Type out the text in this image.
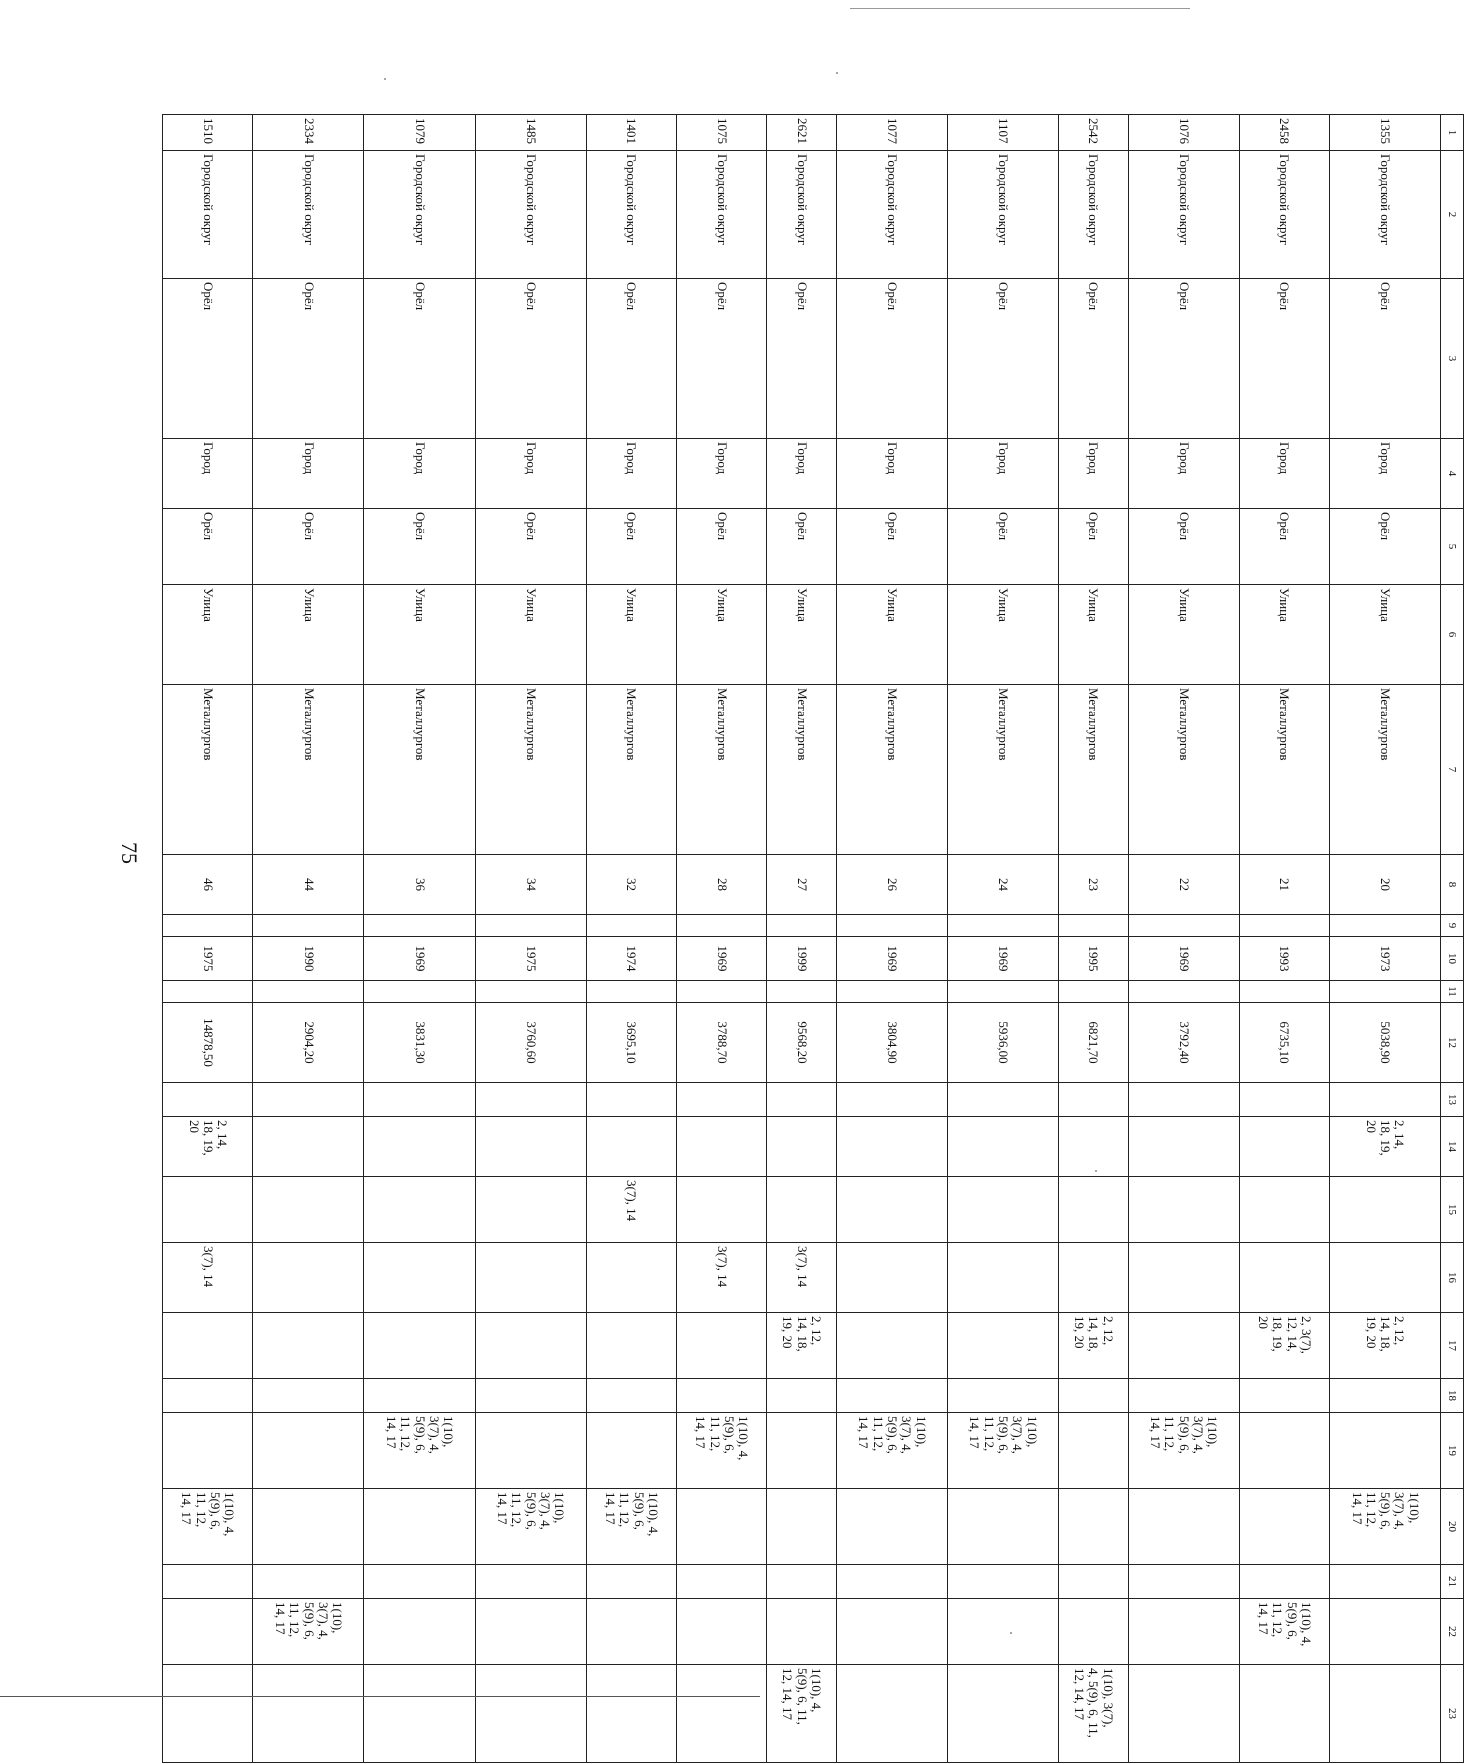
75
1	2	3	4	5	6	7	8	9	10	11	12	13	14	15	16	17	18	19	20	21	22	23
1355	Городской округ	Орёл	Город	Орёл	Улица	Металлургов	20		1973		5038,90		2, 14,
18, 19,
20			2, 12,
14, 18,
19, 20			1(10),
3(7), 4,
5(9), 6,
11, 12,
14, 17			
2458	Городской округ	Орёл	Город	Орёл	Улица	Металлургов	21		1993		6735,10					2, 3(7),
12, 14,
18, 19,
20					1(10), 4,
5(9), 6,
11, 12,
14, 17	
1076	Городской округ	Орёл	Город	Орёл	Улица	Металлургов	22		1969		3792,40							1(10),
3(7), 4,
5(9), 6,
11, 12,
14, 17				
2542	Городской округ	Орёл	Город	Орёл	Улица	Металлургов	23		1995		6821,70					2, 12,
14, 18,
19, 20						1(10), 3(7),
4, 5(9), 6, 11,
12, 14, 17
1107	Городской округ	Орёл	Город	Орёл	Улица	Металлургов	24		1969		5936,00							1(10),
3(7), 4,
5(9), 6,
11, 12,
14, 17				
1077	Городской округ	Орёл	Город	Орёл	Улица	Металлургов	26		1969		3804,90							1(10),
3(7), 4,
5(9), 6,
11, 12,
14, 17				
2621	Городской округ	Орёл	Город	Орёл	Улица	Металлургов	27		1999		9568,20				3(7), 14	2, 12,
14, 18,
19, 20						1(10), 4,
5(9), 6, 11,
12, 14, 17
1075	Городской округ	Орёл	Город	Орёл	Улица	Металлургов	28		1969		3788,70				3(7), 14			1(10), 4,
5(9), 6,
11, 12,
14, 17				
1401	Городской округ	Орёл	Город	Орёл	Улица	Металлургов	32		1974		3695,10			3(7), 14					1(10), 4,
5(9), 6,
11, 12,
14, 17			
1485	Городской округ	Орёл	Город	Орёл	Улица	Металлургов	34		1975		3760,60								1(10),
3(7), 4,
5(9), 6,
11, 12,
14, 17			
1079	Городской округ	Орёл	Город	Орёл	Улица	Металлургов	36		1969		3831,30							1(10),
3(7), 4,
5(9), 6,
11, 12,
14, 17				
2334	Городской округ	Орёл	Город	Орёл	Улица	Металлургов	44		1990		2904,20										1(10),
3(7), 4,
5(9), 6,
11, 12,
14, 17	
1510	Городской округ	Орёл	Город	Орёл	Улица	Металлургов	46		1975		14878,50		2, 14,
18, 19,
20		3(7), 14				1(10), 4,
5(9), 6,
11, 12,
14, 17			
